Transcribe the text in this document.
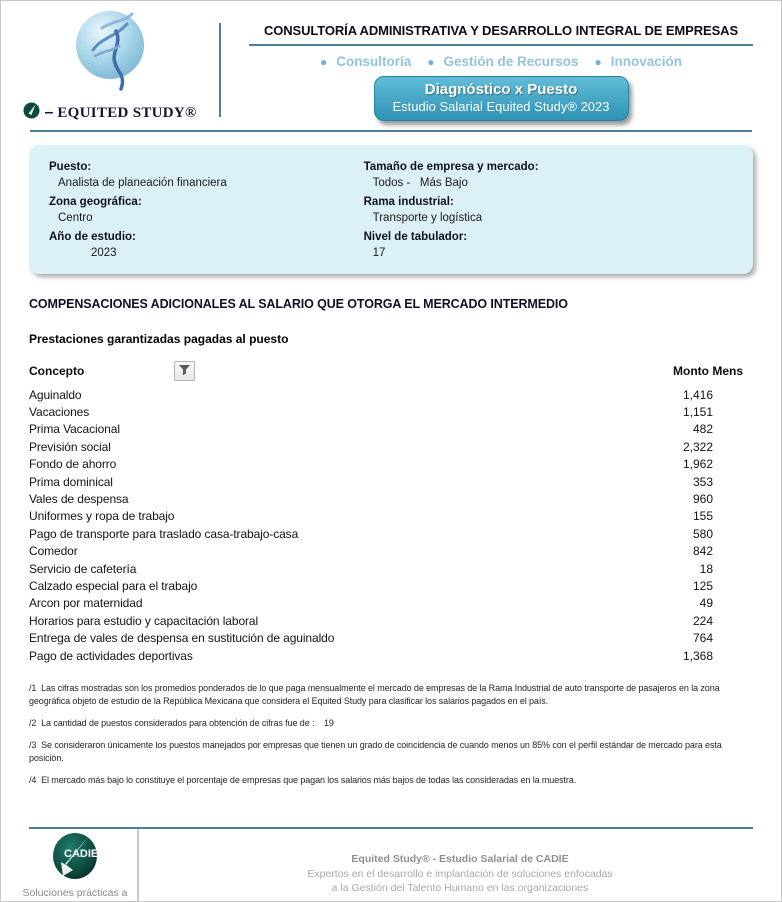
– EQUITED STUDY®
CONSULTORÍA ADMINISTRATIVA Y DESARROLLO INTEGRAL DE EMPRESAS
● Consultoría ● Gestión de Recursos ● Innovación
Diagnóstico x Puesto
Estudio Salarial Equited Study® 2023
Puesto:
Analista de planeación financiera
Tamaño de empresa y mercado:
Todos -   Más Bajo
Zona geográfica:
Centro
Rama industrial:
Transporte y logística
Año de estudio:
2023
Nivel de tabulador:
17
COMPENSACIONES ADICIONALES AL SALARIO QUE OTORGA EL MERCADO INTERMEDIO
Prestaciones garantizadas pagadas al puesto
Concepto	Monto Mens
Aguinaldo	1,416
Vacaciones	1,151
Prima Vacacional	482
Previsión social	2,322
Fondo de ahorro	1,962
Prima dominical	353
Vales de despensa	960
Uniformes y ropa de trabajo	155
Pago de transporte para traslado casa-trabajo-casa	580
Comedor	842
Servicio de cafetería	18
Calzado especial para el trabajo	125
Arcon por maternidad	49
Horarios para estudio y capacitación laboral	224
Entrega de vales de despensa en sustitución de aguinaldo	764
Pago de actividades deportivas	1,368
/1  Las cifras mostradas son los promedios ponderados de lo que paga mensualmente el mercado de empresas de la Rama Industrial de auto transporte de pasajeros en la zona geográfica objeto de estudio de la República Mexicana que considera el Equited Study para clasificar los salarios pagados en el país.
/2  La cantidad de puestos considerados para obtención de cifras fue de :    19
/3  Se consideraron únicamente los puestos manejados por empresas que tienen un grado de coincidencia de cuando menos un 85% con el perfil estándar de mercado para esta posición.
/4  El mercado más bajo lo constituye el porcentaje de empresas que pagan los salarios más bajos de todas las consideradas en la muestra.
CADIE
Soluciones prácticas a
Equited Study® - Estudio Salarial de CADIE
Expertos en el desarrollo e implantación de soluciones enfocadas
a la Gestión del Talento Humano en las organizaciones
